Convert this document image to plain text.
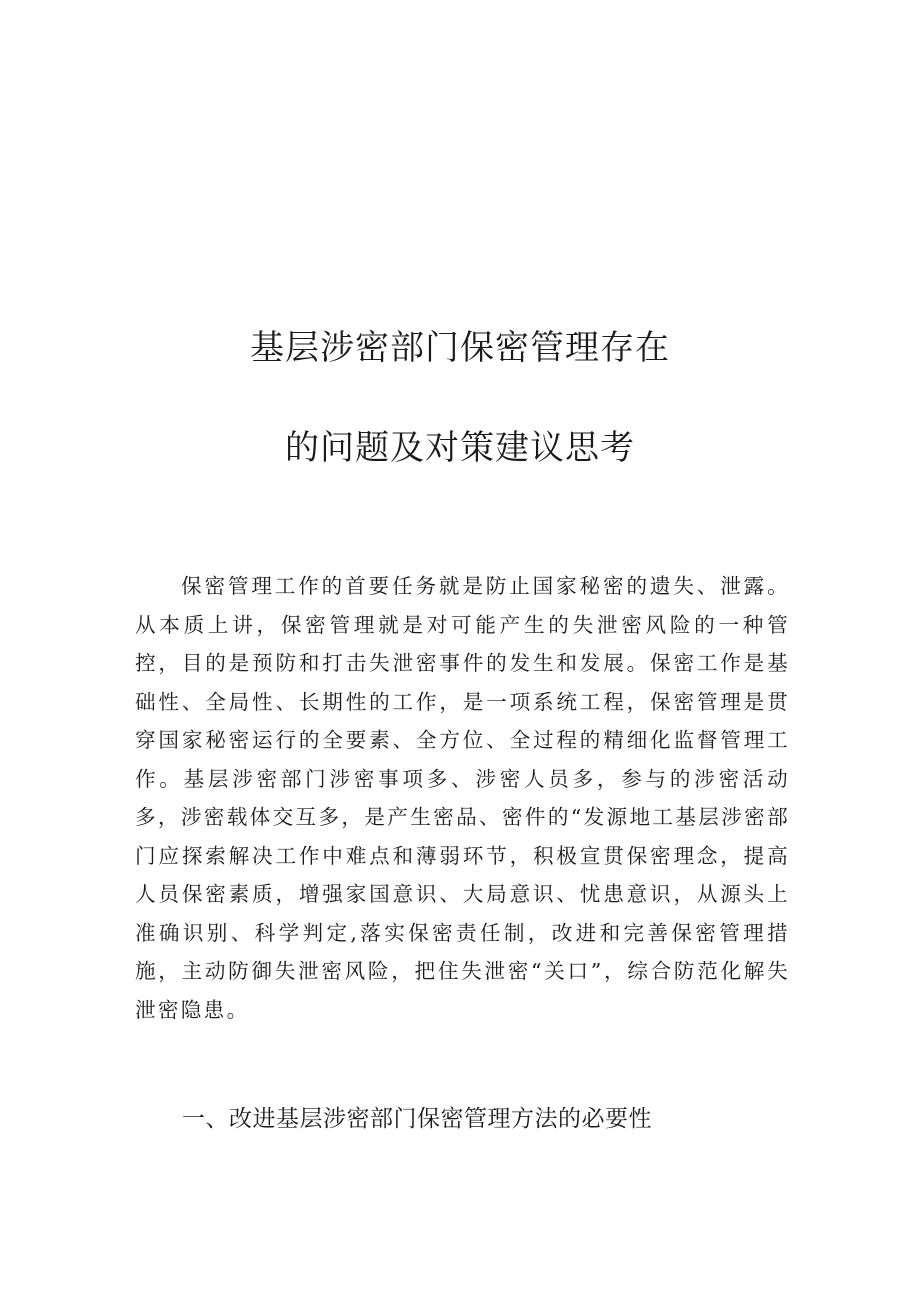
基层涉密部门保密管理存在
的问题及对策建议思考

保密管理工作的首要任务就是防止国家秘密的遗失、泄露。从本质上讲，保密管理就是对可能产生的失泄密风险的一种管控，目的是预防和打击失泄密事件的发生和发展。保密工作是基础性、全局性、长期性的工作，是一项系统工程，保密管理是贯穿国家秘密运行的全要素、全方位、全过程的精细化监督管理工作。基层涉密部门涉密事项多、涉密人员多，参与的涉密活动多，涉密载体交互多，是产生密品、密件的“发源地工基层涉密部门应探索解决工作中难点和薄弱环节，积极宣贯保密理念，提高人员保密素质，增强家国意识、大局意识、忧患意识，从源头上准确识别、科学判定,落实保密责任制，改进和完善保密管理措施，主动防御失泄密风险，把住失泄密“关口”，综合防范化解失泄密隐患。

一、改进基层涉密部门保密管理方法的必要性
